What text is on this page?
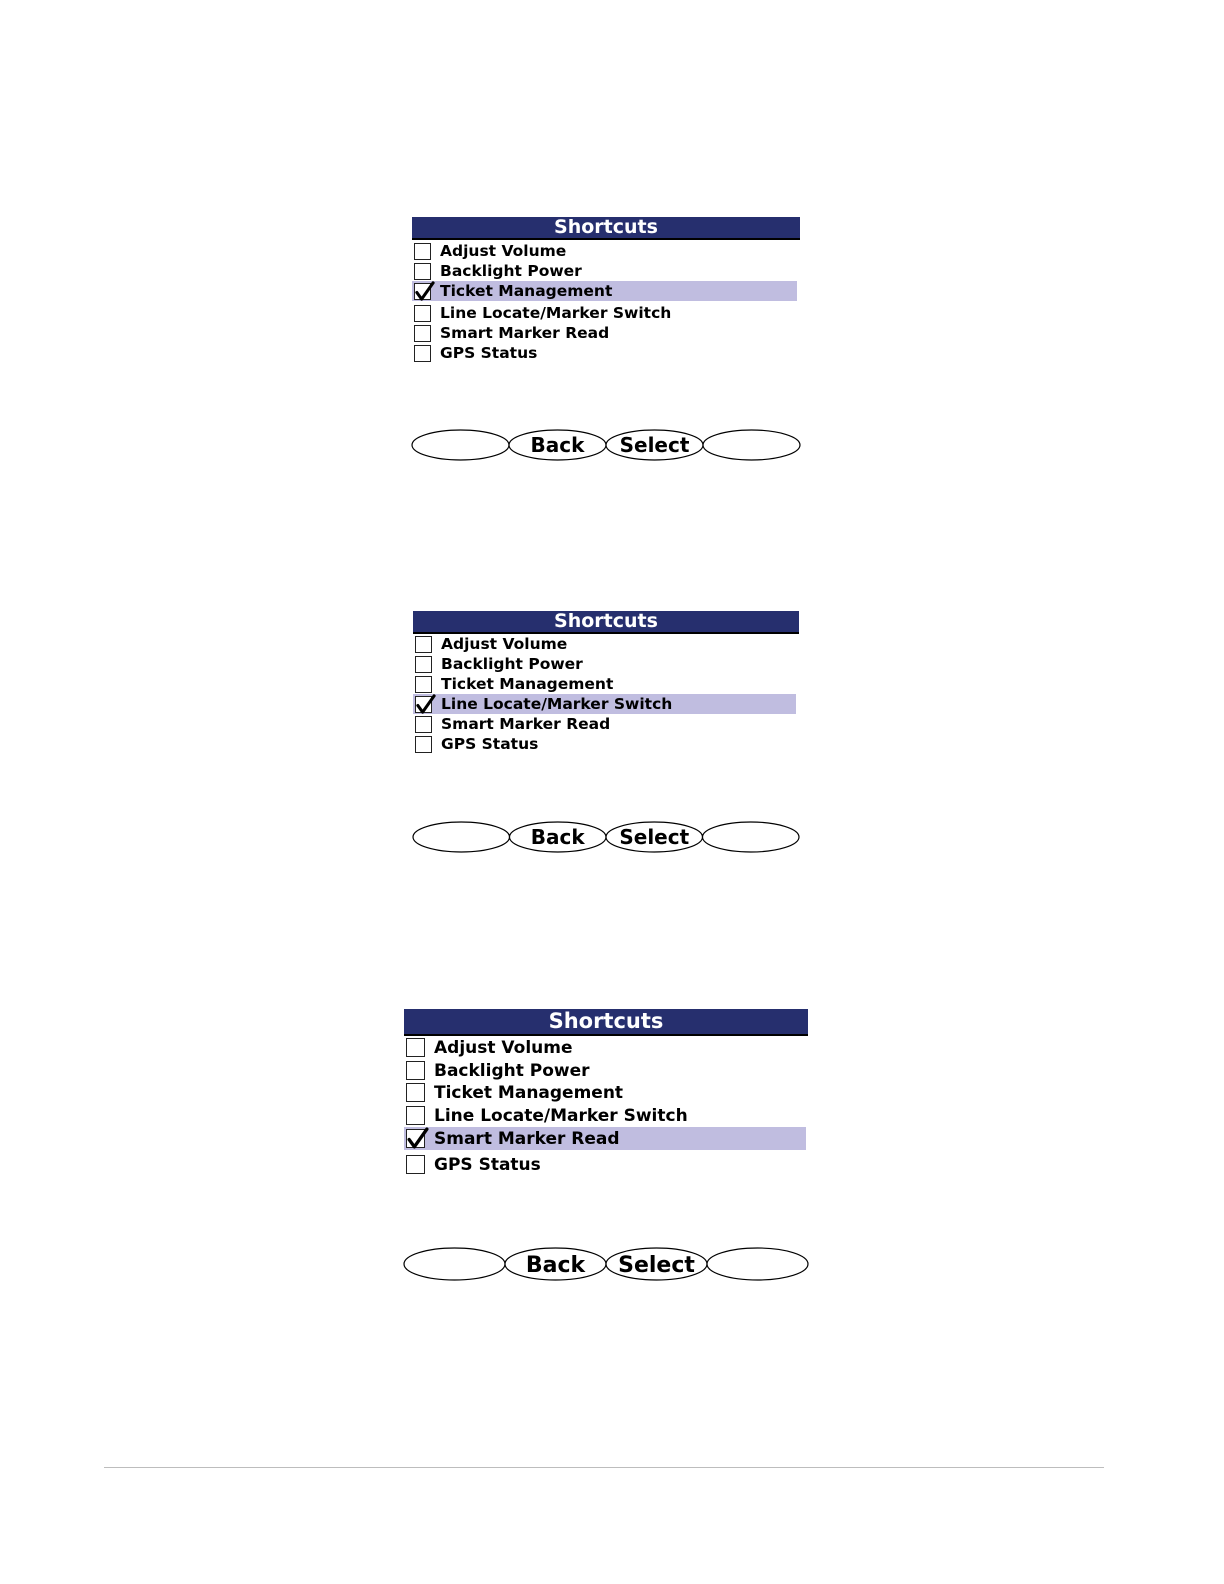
Shortcuts
Adjust Volume
Backlight Power
Ticket Management
Line Locate/Marker Switch
Smart Marker Read
GPS Status
Back Select
Shortcuts
Adjust Volume
Backlight Power
Ticket Management
Line Locate/Marker Switch
Smart Marker Read
GPS Status
Back Select
Shortcuts
Adjust Volume
Backlight Power
Ticket Management
Line Locate/Marker Switch
Smart Marker Read
GPS Status
Back Select
